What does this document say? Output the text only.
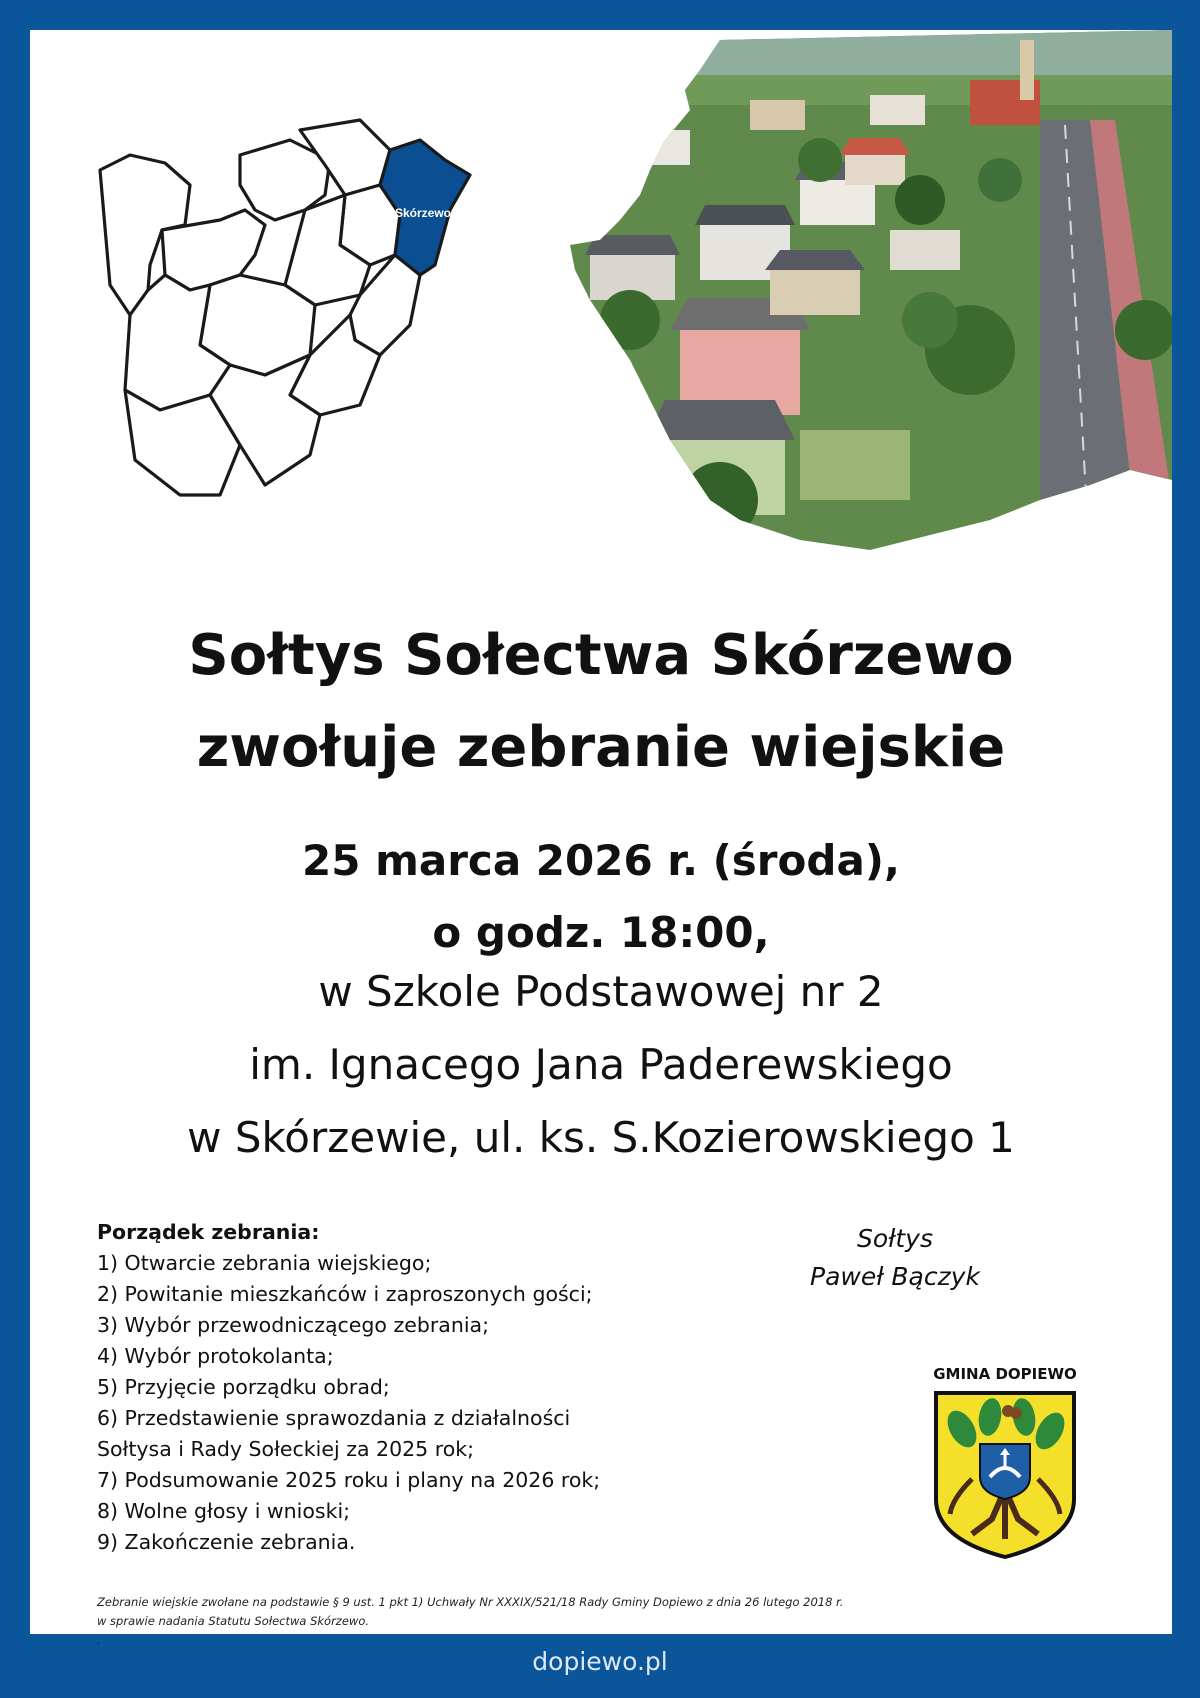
Skórzewo
Sołtys Sołectwa Skórzewo
zwołuje zebranie wiejskie
25 marca 2026 r. (środa),
o godz. 18:00,
w Szkole Podstawowej nr 2
im. Ignacego Jana Paderewskiego
w Skórzewie, ul. ks. S.Kozierowskiego 1
Porządek zebrania:
1) Otwarcie zebrania wiejskiego;
2) Powitanie mieszkańców i zaproszonych gości;
3) Wybór przewodniczącego zebrania;
4) Wybór protokolanta;
5) Przyjęcie porządku obrad;
6) Przedstawienie sprawozdania z działalności
Sołtysa i Rady Sołeckiej za 2025 rok;
7) Podsumowanie 2025 roku i plany na 2026 rok;
8) Wolne głosy i wnioski;
9) Zakończenie zebrania.
Sołtys
Paweł Bączyk
GMINA DOPIEWO
Zebranie wiejskie zwołane na podstawie § 9 ust. 1 pkt 1) Uchwały Nr XXXIX/521/18 Rady Gminy Dopiewo z dnia 26 lutego 2018 r.
w sprawie nadania Statutu Sołectwa Skórzewo.
.
dopiewo.pl
